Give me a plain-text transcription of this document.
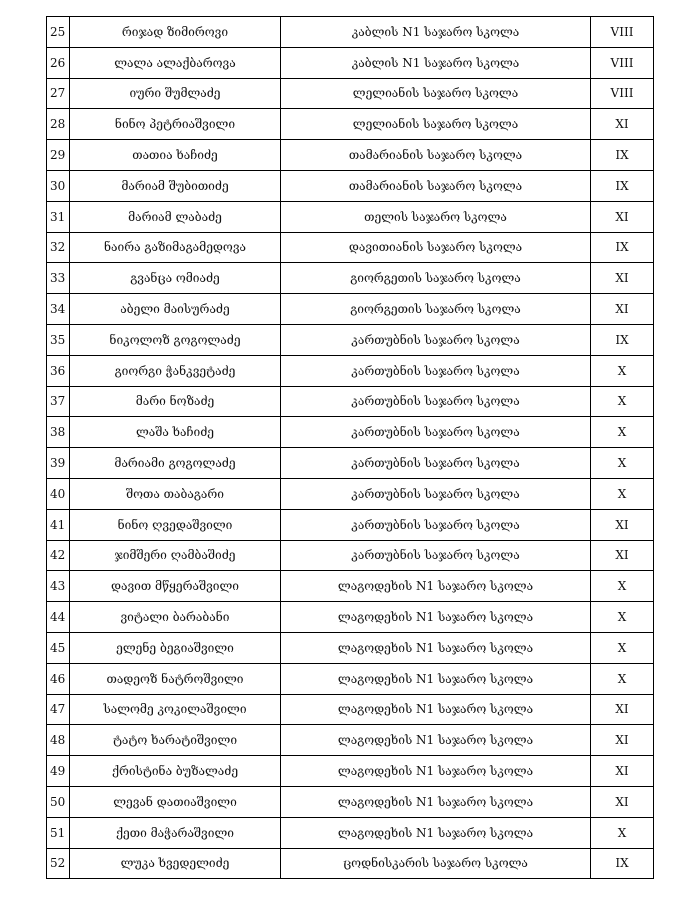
25	რიჯად ზიმიროვი	კაბლის N1 საჯარო სკოლა	VIII
26	ლალა ალაქბაროვა	კაბლის N1 საჯარო სკოლა	VIII
27	იური შუმლაძე	ლელიანის საჯარო სკოლა	VIII
28	ნინო პეტრიაშვილი	ლელიანის საჯარო სკოლა	XI
29	თათია ხაჩიძე	თამარიანის საჯარო სკოლა	IX
30	მარიამ შუბითიძე	თამარიანის საჯარო სკოლა	IX
31	მარიამ ლაბაძე	თელის საჯარო სკოლა	XI
32	ნაირა გაზიმაგამედოვა	დავითიანის საჯარო სკოლა	IX
33	გვანცა ომიაძე	გიორგეთის საჯარო სკოლა	XI
34	აბელი მაისურაძე	გიორგეთის საჯარო სკოლა	XI
35	ნიკოლოზ გოგოლაძე	კართუბნის საჯარო სკოლა	IX
36	გიორგი ჭანკვეტაძე	კართუბნის საჯარო სკოლა	X
37	მარი ნოზაძე	კართუბნის საჯარო სკოლა	X
38	ლაშა ხაჩიძე	კართუბნის საჯარო სკოლა	X
39	მარიამი გოგოლაძე	კართუბნის საჯარო სკოლა	X
40	შოთა თაბაგარი	კართუბნის საჯარო სკოლა	X
41	ნინო ღვედაშვილი	კართუბნის საჯარო სკოლა	XI
42	ჯიმშერი ღამბაშიძე	კართუბნის საჯარო სკოლა	XI
43	დავით მწყერაშვილი	ლაგოდეხის N1 საჯარო სკოლა	X
44	ვიტალი ბარაბანი	ლაგოდეხის N1 საჯარო სკოლა	X
45	ელენე ბეგიაშვილი	ლაგოდეხის N1 საჯარო სკოლა	X
46	თადეოზ ნატროშვილი	ლაგოდეხის N1 საჯარო სკოლა	X
47	სალომე კოკილაშვილი	ლაგოდეხის N1 საჯარო სკოლა	XI
48	ტატო ხარატიშვილი	ლაგოდეხის N1 საჯარო სკოლა	XI
49	ქრისტინა ბუზალაძე	ლაგოდეხის N1 საჯარო სკოლა	XI
50	ლევან დათიაშვილი	ლაგოდეხის N1 საჯარო სკოლა	XI
51	ქეთი მაჭარაშვილი	ლაგოდეხის N1 საჯარო სკოლა	X
52	ლუკა ხვედელიძე	ცოდნისკარის საჯარო სკოლა	IX
